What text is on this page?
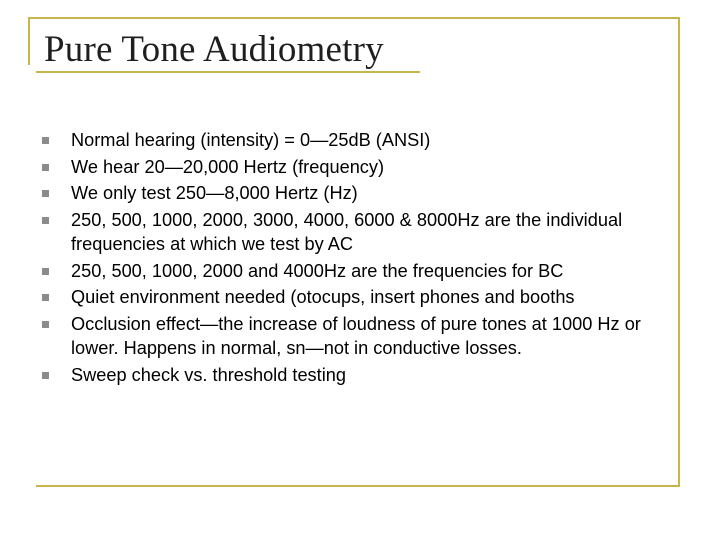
Pure Tone Audiometry
Normal hearing (intensity) = 0—25dB (ANSI)
We hear 20—20,000 Hertz (frequency)
We only test 250—8,000 Hertz (Hz)
250, 500, 1000, 2000, 3000, 4000, 6000 & 8000Hz are the individual frequencies at which we test by AC
250, 500, 1000, 2000 and 4000Hz are the frequencies for BC
Quiet environment needed (otocups, insert phones and booths
Occlusion effect—the increase of loudness of pure tones at 1000 Hz or lower. Happens in normal, sn—not in conductive losses.
Sweep check vs. threshold testing
